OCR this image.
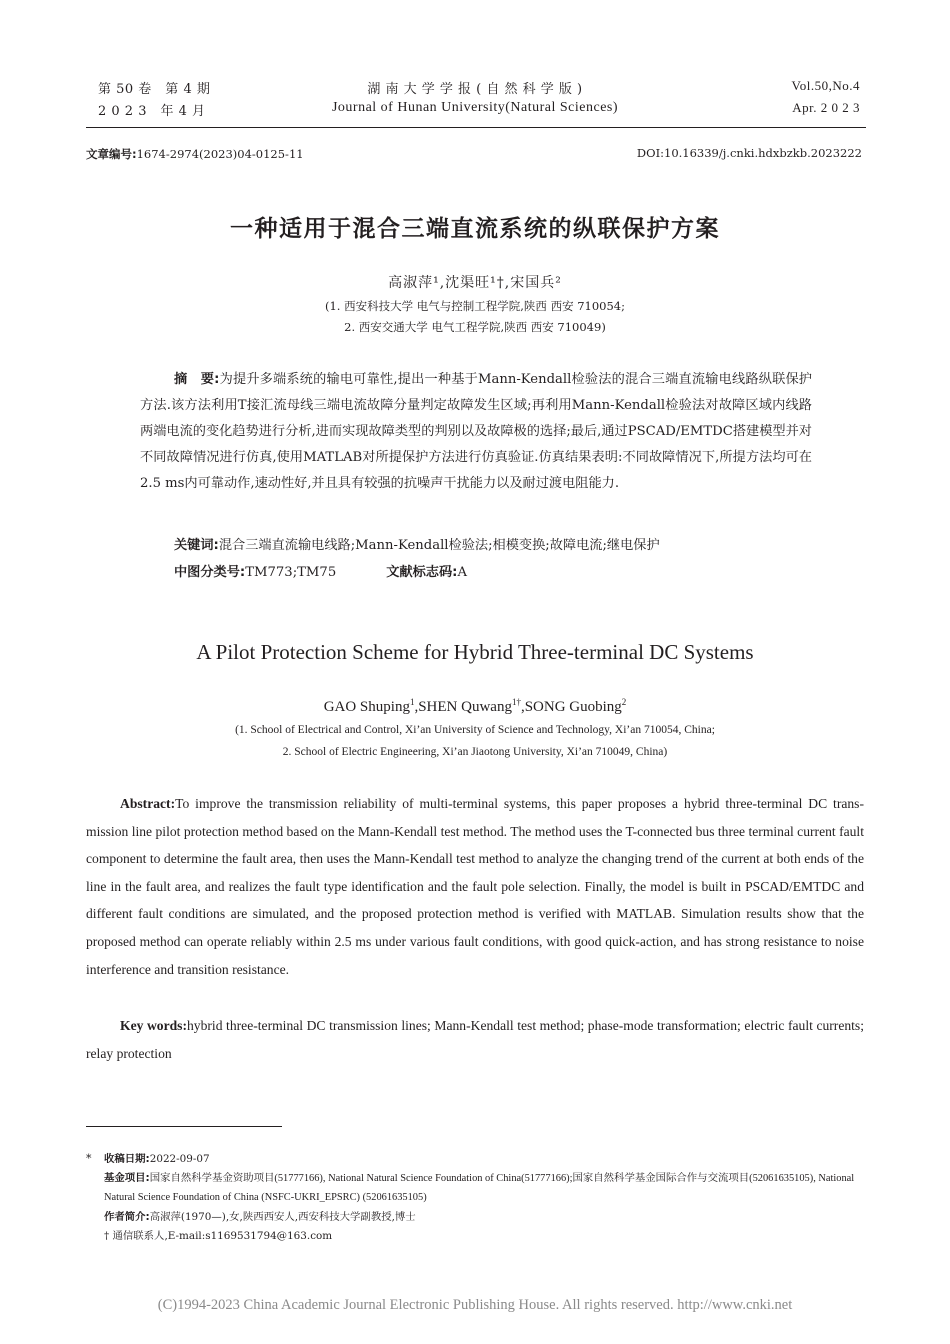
第 50 卷　第 4 期
2 0 2 3　年 4 月
湖 南 大 学 学 报 ( 自 然 科 学 版 )
Journal of Hunan University(Natural Sciences)
Vol.50,No.4
Apr. 2 0 2 3
文章编号:1674-2974(2023)04-0125-11	DOI:10.16339/j.cnki.hdxbzkb.2023222
一种适用于混合三端直流系统的纵联保护方案
高淑萍¹,沈渠旺¹†,宋国兵²
(1. 西安科技大学 电气与控制工程学院,陕西 西安 710054;
2. 西安交通大学 电气工程学院,陕西 西安 710049)
摘　要:为提升多端系统的输电可靠性,提出一种基于Mann-Kendall检验法的混合三端直流输电线路纵联保护方法.该方法利用T接汇流母线三端电流故障分量判定故障发生区域;再利用Mann-Kendall检验法对故障区域内线路两端电流的变化趋势进行分析,进而实现故障类型的判别以及故障极的选择;最后,通过PSCAD/EMTDC搭建模型并对不同故障情况进行仿真,使用MATLAB对所提保护方法进行仿真验证.仿真结果表明:不同故障情况下,所提方法均可在2.5 ms内可靠动作,速动性好,并且具有较强的抗噪声干扰能力以及耐过渡电阻能力.
关键词:混合三端直流输电线路;Mann-Kendall检验法;相模变换;故障电流;继电保护
中图分类号:TM773;TM75	文献标志码:A
A Pilot Protection Scheme for Hybrid Three-terminal DC Systems
GAO Shuping$^1$,SHEN Quwang$^{1\dagger}$,SONG Guobing$^2$
(1. School of Electrical and Control, Xi’an University of Science and Technology, Xi’an 710054, China;
2. School of Electric Engineering, Xi’an Jiaotong University, Xi’an 710049, China)
Abstract:To improve the transmission reliability of multi-terminal systems, this paper proposes a hybrid three-terminal DC trans-mission line pilot protection method based on the Mann-Kendall test method. The method uses the T-connected bus three terminal current fault component to determine the fault area, then uses the Mann-Kendall test method to analyze the changing trend of the current at both ends of the line in the fault area, and realizes the fault type identification and the fault pole selection. Finally, the model is built in PSCAD/EMTDC and different fault conditions are simulated, and the proposed protection method is verified with MATLAB. Simulation results show that the proposed method can operate reliably within 2.5 ms under various fault conditions, with good quick-action, and has strong resistance to noise interference and transition resistance.
Key words:hybrid three-terminal DC transmission lines; Mann-Kendall test method; phase-mode transformation; electric fault currents; relay protection
* 收稿日期:2022-09-07
基金项目:国家自然科学基金资助项目(51777166), National Natural Science Foundation of China(51777166);国家自然科学基金国际合作与交流项目(52061635105), National Natural Science Foundation of China (NSFC-UKRI_EPSRC) (52061635105)
作者简介:高淑萍(1970—),女,陕西西安人,西安科技大学副教授,博士
† 通信联系人,E-mail:s1169531794@163.com
(C)1994-2023 China Academic Journal Electronic Publishing House. All rights reserved. http://www.cnki.net
